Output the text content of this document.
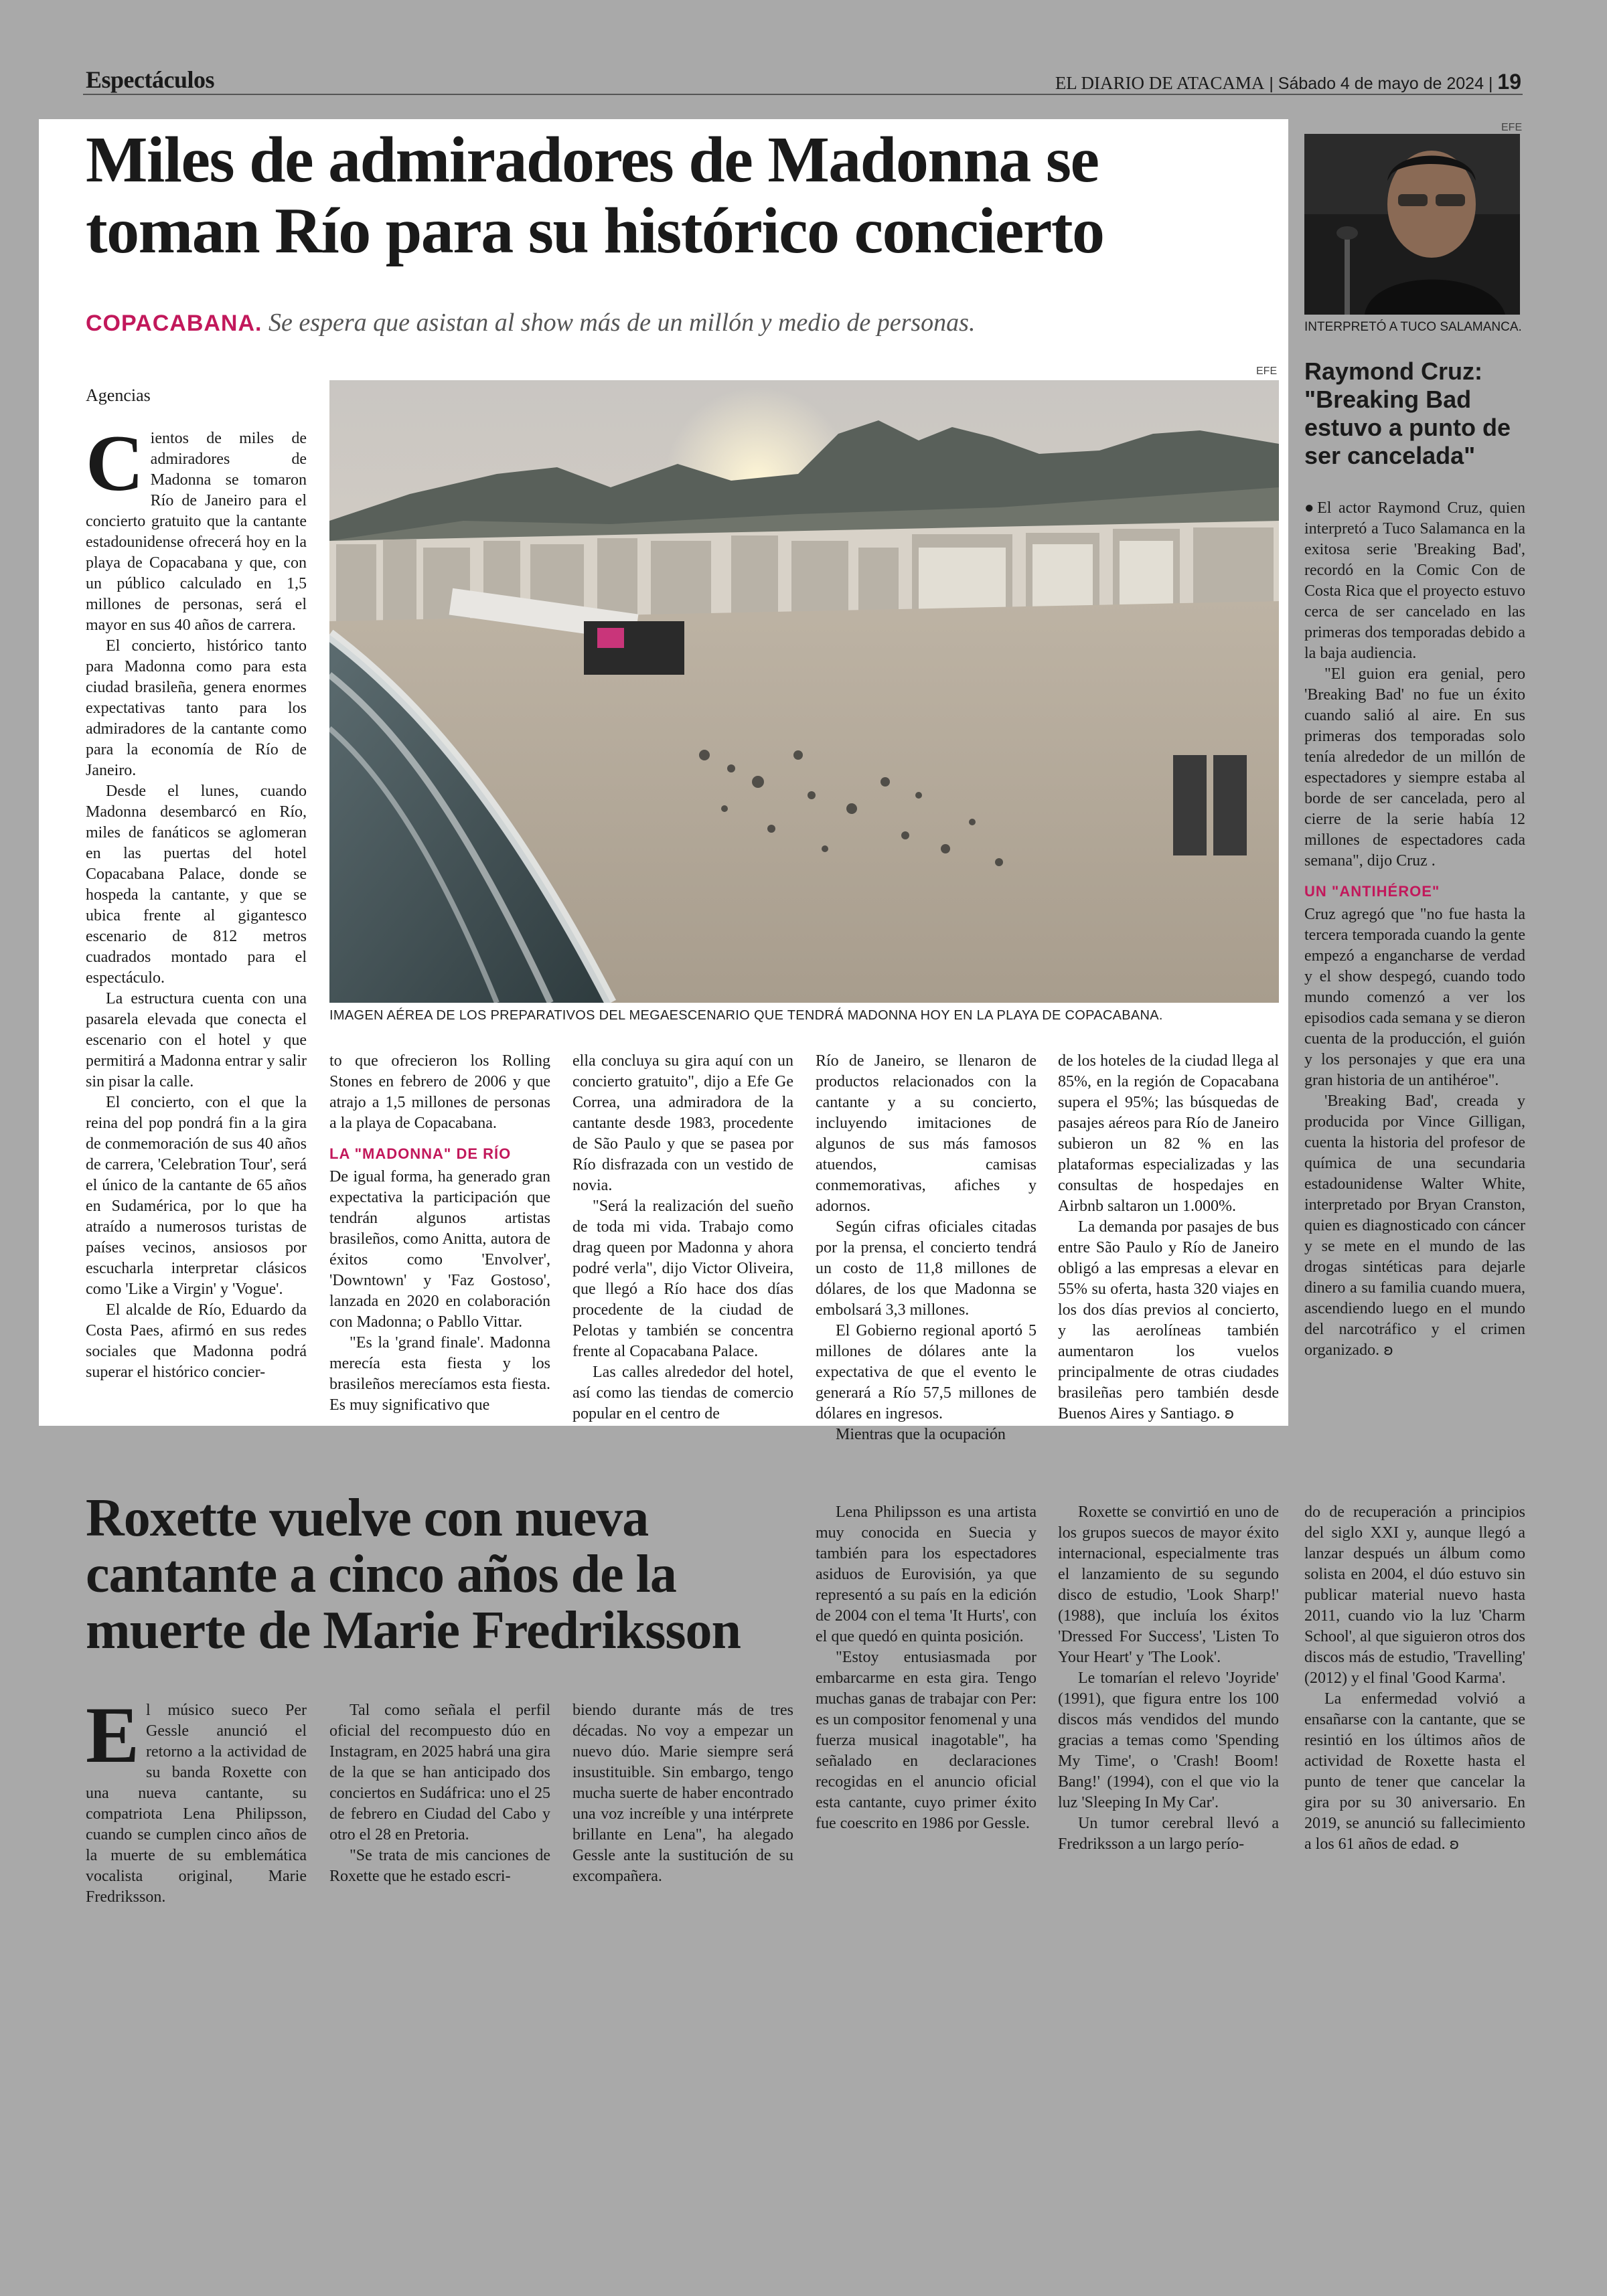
Espectáculos	EL DIARIO DE ATACAMA | Sábado 4 de mayo de 2024 | 19
Miles de admiradores de Madonna se toman Río para su histórico concierto
COPACABANA. Se espera que asistan al show más de un millón y medio de personas.
EFE
Agencias
IMAGEN AÉREA DE LOS PREPARATIVOS DEL MEGAESCENARIO QUE TENDRÁ MADONNA HOY EN LA PLAYA DE COPACABANA.

Cientos de miles de admiradores de Madonna se tomaron Río de Janeiro para el concierto gratuito que la cantante estadounidense ofrecerá hoy en la playa de Copacabana y que, con un público calculado en 1,5 millones de personas, será el mayor en sus 40 años de carrera.

El concierto, histórico tanto para Madonna como para esta ciudad brasileña, genera enormes expectativas tanto para los admiradores de la cantante como para la economía de Río de Janeiro.

Desde el lunes, cuando Madonna desembarcó en Río, miles de fanáticos se aglomeran en las puertas del hotel Copacabana Palace, donde se hospeda la cantante, y que se ubica frente al gigantesco escenario de 812 metros cuadrados montado para el espectáculo.

La estructura cuenta con una pasarela elevada que conecta el escenario con el hotel y que permitirá a Madonna entrar y salir sin pisar la calle.

El concierto, con el que la reina del pop pondrá fin a la gira de conmemoración de sus 40 años de carrera, 'Celebration Tour', será el único de la cantante de 65 años en Sudamérica, por lo que ha atraído a numerosos turistas de países vecinos, ansiosos por escucharla interpretar clásicos como 'Like a Virgin' y 'Vogue'.

El alcalde de Río, Eduardo da Costa Paes, afirmó en sus redes sociales que Madonna podrá superar el histórico concier-

to que ofrecieron los Rolling Stones en febrero de 2006 y que atrajo a 1,5 millones de personas a la playa de Copacabana.

LA "MADONNA" DE RÍO

De igual forma, ha generado gran expectativa la participación que tendrán algunos artistas brasileños, como Anitta, autora de éxitos como 'Envolver', 'Downtown' y 'Faz Gostoso', lanzada en 2020 en colaboración con Madonna; o Pabllo Vittar.

"Es la 'grand finale'. Madonna merecía esta fiesta y los brasileños merecíamos esta fiesta. Es muy significativo que

ella concluya su gira aquí con un concierto gratuito", dijo a Efe Ge Correa, una admiradora de la cantante desde 1983, procedente de São Paulo y que se pasea por Río disfrazada con un vestido de novia.

"Será la realización del sueño de toda mi vida. Trabajo como drag queen por Madonna y ahora podré verla", dijo Victor Oliveira, que llegó a Río hace dos días procedente de la ciudad de Pelotas y también se concentra frente al Copacabana Palace.

Las calles alrededor del hotel, así como las tiendas de comercio popular en el centro de

Río de Janeiro, se llenaron de productos relacionados con la cantante y a su concierto, incluyendo imitaciones de algunos de sus más famosos atuendos, camisas conmemorativas, afiches y adornos.

Según cifras oficiales citadas por la prensa, el concierto tendrá un costo de 11,8 millones de dólares, de los que Madonna se embolsará 3,3 millones.

El Gobierno regional aportó 5 millones de dólares ante la expectativa de que el evento le generará a Río 57,5 millones de dólares en ingresos.

Mientras que la ocupación

de los hoteles de la ciudad llega al 85%, en la región de Copacabana supera el 95%; las búsquedas de pasajes aéreos para Río de Janeiro subieron un 82 % en las plataformas especializadas y las consultas de hospedajes en Airbnb saltaron un 1.000%.

La demanda por pasajes de bus entre São Paulo y Río de Janeiro obligó a las empresas a elevar en 55% su oferta, hasta 320 viajes en los dos días previos al concierto, y las aerolíneas también aumentaron los vuelos principalmente de otras ciudades brasileñas pero también desde Buenos Aires y Santiago. ʚ

EFE
INTERPRETÓ A TUCO SALAMANCA.
Raymond Cruz: "Breaking Bad estuvo a punto de ser cancelada"

●El actor Raymond Cruz, quien interpretó a Tuco Salamanca en la exitosa serie 'Breaking Bad', recordó en la Comic Con de Costa Rica que el proyecto estuvo cerca de ser cancelado en las primeras dos temporadas debido a la baja audiencia.

"El guion era genial, pero 'Breaking Bad' no fue un éxito cuando salió al aire. En sus primeras dos temporadas solo tenía alrededor de un millón de espectadores y siempre estaba al borde de ser cancelada, pero al cierre de la serie había 12 millones de espectadores cada semana", dijo Cruz .

UN "ANTIHÉROE"

Cruz agregó que "no fue hasta la tercera temporada cuando la gente empezó a engancharse de verdad y el show despegó, cuando todo mundo comenzó a ver los episodios cada semana y se dieron cuenta de la producción, el guión y los personajes y que era una gran historia de un antihéroe".

'Breaking Bad', creada y producida por Vince Gilligan, cuenta la historia del profesor de química de una secundaria estadounidense Walter White, interpretado por Bryan Cranston, quien es diagnosticado con cáncer y se mete en el mundo de las drogas sintéticas para dejarle dinero a su familia cuando muera, ascendiendo luego en el mundo del narcotráfico y el crimen organizado. ʚ

Roxette vuelve con nueva cantante a cinco años de la muerte de Marie Fredriksson

El músico sueco Per Gessle anunció el retorno a la actividad de su banda Roxette con una nueva cantante, su compatriota Lena Philipsson, cuando se cumplen cinco años de la muerte de su emblemática vocalista original, Marie Fredriksson.

Tal como señala el perfil oficial del recompuesto dúo en Instagram, en 2025 habrá una gira de la que se han anticipado dos conciertos en Sudáfrica: uno el 25 de febrero en Ciudad del Cabo y otro el 28 en Pretoria.

"Se trata de mis canciones de Roxette que he estado escri-

biendo durante más de tres décadas. No voy a empezar un nuevo dúo. Marie siempre será insustituible. Sin embargo, tengo mucha suerte de haber encontrado una voz increíble y una intérprete brillante en Lena", ha alegado Gessle ante la sustitución de su excompañera.

Lena Philipsson es una artista muy conocida en Suecia y también para los espectadores asiduos de Eurovisión, ya que representó a su país en la edición de 2004 con el tema 'It Hurts', con el que quedó en quinta posición.

"Estoy entusiasmada por embarcarme en esta gira. Tengo muchas ganas de trabajar con Per: es un compositor fenomenal y una fuerza musical inagotable", ha señalado en declaraciones recogidas en el anuncio oficial esta cantante, cuyo primer éxito fue coescrito en 1986 por Gessle.

Roxette se convirtió en uno de los grupos suecos de mayor éxito internacional, especialmente tras el lanzamiento de su segundo disco de estudio, 'Look Sharp!' (1988), que incluía los éxitos 'Dressed For Success', 'Listen To Your Heart' y 'The Look'.

Le tomarían el relevo 'Joyride' (1991), que figura entre los 100 discos más vendidos del mundo gracias a temas como 'Spending My Time', o 'Crash! Boom! Bang!' (1994), con el que vio la luz 'Sleeping In My Car'.

Un tumor cerebral llevó a Fredriksson a un largo perío-

do de recuperación a principios del siglo XXI y, aunque llegó a lanzar después un álbum como solista en 2004, el dúo estuvo sin publicar material nuevo hasta 2011, cuando vio la luz 'Charm School', al que siguieron otros dos discos más de estudio, 'Travelling' (2012) y el final 'Good Karma'.

La enfermedad volvió a ensañarse con la cantante, que se resintió en los últimos años de actividad de Roxette hasta el punto de tener que cancelar la gira por su 30 aniversario. En 2019, se anunció su fallecimiento a los 61 años de edad. ʚ
